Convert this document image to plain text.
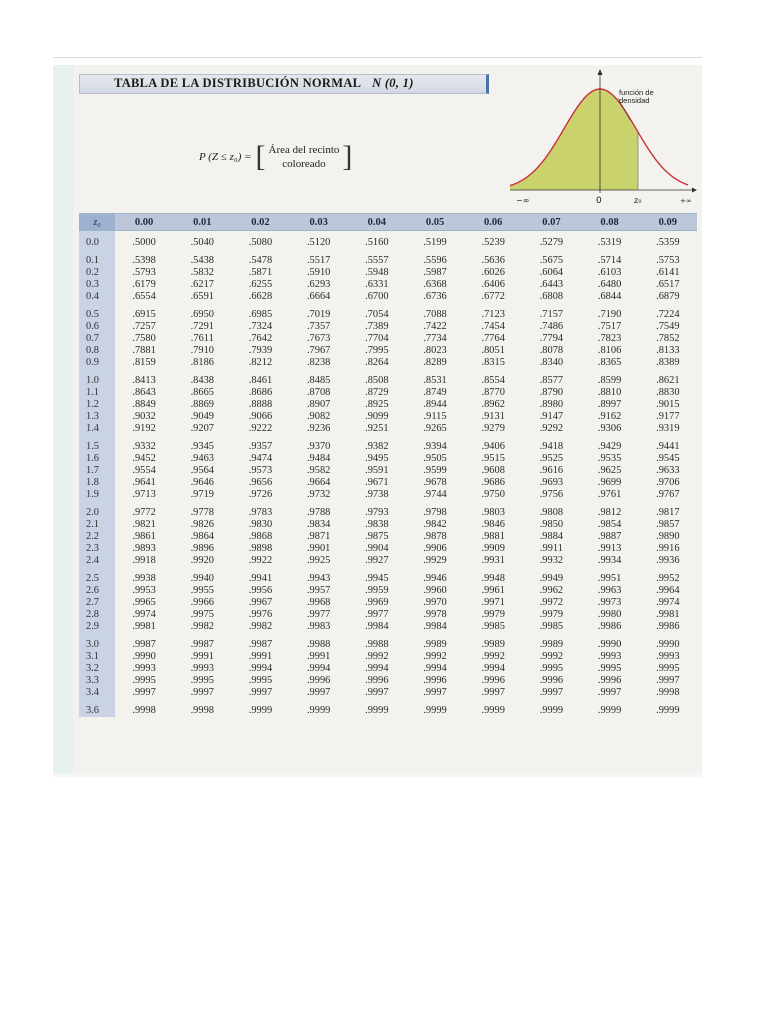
TABLA DE LA DISTRIBUCIÓN NORMAL N (0, 1)
P (Z ≤ z₀) = [ Área del recinto
coloreado ]
−∞	0	z₀	+∞
función de
densidad
z₀	0.00	0.01	0.02	0.03	0.04	0.05	0.06	0.07	0.08	0.09

0.0	.5000	.5040	.5080	.5120	.5160	.5199	.5239	.5279	.5319	.5359

0.1	.5398	.5438	.5478	.5517	.5557	.5596	.5636	.5675	.5714	.5753
0.2	.5793	.5832	.5871	.5910	.5948	.5987	.6026	.6064	.6103	.6141
0.3	.6179	.6217	.6255	.6293	.6331	.6368	.6406	.6443	.6480	.6517
0.4	.6554	.6591	.6628	.6664	.6700	.6736	.6772	.6808	.6844	.6879

0.5	.6915	.6950	.6985	.7019	.7054	.7088	.7123	.7157	.7190	.7224
0.6	.7257	.7291	.7324	.7357	.7389	.7422	.7454	.7486	.7517	.7549
0.7	.7580	.7611	.7642	.7673	.7704	.7734	.7764	.7794	.7823	.7852
0.8	.7881	.7910	.7939	.7967	.7995	.8023	.8051	.8078	.8106	.8133
0.9	.8159	.8186	.8212	.8238	.8264	.8289	.8315	.8340	.8365	.8389

1.0	.8413	.8438	.8461	.8485	.8508	.8531	.8554	.8577	.8599	.8621
1.1	.8643	.8665	.8686	.8708	.8729	.8749	.8770	.8790	.8810	.8830
1.2	.8849	.8869	.8888	.8907	.8925	.8944	.8962	.8980	.8997	.9015
1.3	.9032	.9049	.9066	.9082	.9099	.9115	.9131	.9147	.9162	.9177
1.4	.9192	.9207	.9222	.9236	.9251	.9265	.9279	.9292	.9306	.9319

1.5	.9332	.9345	.9357	.9370	.9382	.9394	.9406	.9418	.9429	.9441
1.6	.9452	.9463	.9474	.9484	.9495	.9505	.9515	.9525	.9535	.9545
1.7	.9554	.9564	.9573	.9582	.9591	.9599	.9608	.9616	.9625	.9633
1.8	.9641	.9646	.9656	.9664	.9671	.9678	.9686	.9693	.9699	.9706
1.9	.9713	.9719	.9726	.9732	.9738	.9744	.9750	.9756	.9761	.9767

2.0	.9772	.9778	.9783	.9788	.9793	.9798	.9803	.9808	.9812	.9817
2.1	.9821	.9826	.9830	.9834	.9838	.9842	.9846	.9850	.9854	.9857
2.2	.9861	.9864	.9868	.9871	.9875	.9878	.9881	.9884	.9887	.9890
2.3	.9893	.9896	.9898	.9901	.9904	.9906	.9909	.9911	.9913	.9916
2.4	.9918	.9920	.9922	.9925	.9927	.9929	.9931	.9932	.9934	.9936

2.5	.9938	.9940	.9941	.9943	.9945	.9946	.9948	.9949	.9951	.9952
2.6	.9953	.9955	.9956	.9957	.9959	.9960	.9961	.9962	.9963	.9964
2.7	.9965	.9966	.9967	.9968	.9969	.9970	.9971	.9972	.9973	.9974
2.8	.9974	.9975	.9976	.9977	.9977	.9978	.9979	.9979	.9980	.9981
2.9	.9981	.9982	.9982	.9983	.9984	.9984	.9985	.9985	.9986	.9986

3.0	.9987	.9987	.9987	.9988	.9988	.9989	.9989	.9989	.9990	.9990
3.1	.9990	.9991	.9991	.9991	.9992	.9992	.9992	.9992	.9993	.9993
3.2	.9993	.9993	.9994	.9994	.9994	.9994	.9994	.9995	.9995	.9995
3.3	.9995	.9995	.9995	.9996	.9996	.9996	.9996	.9996	.9996	.9997
3.4	.9997	.9997	.9997	.9997	.9997	.9997	.9997	.9997	.9997	.9998

3.6	.9998	.9998	.9999	.9999	.9999	.9999	.9999	.9999	.9999	.9999
